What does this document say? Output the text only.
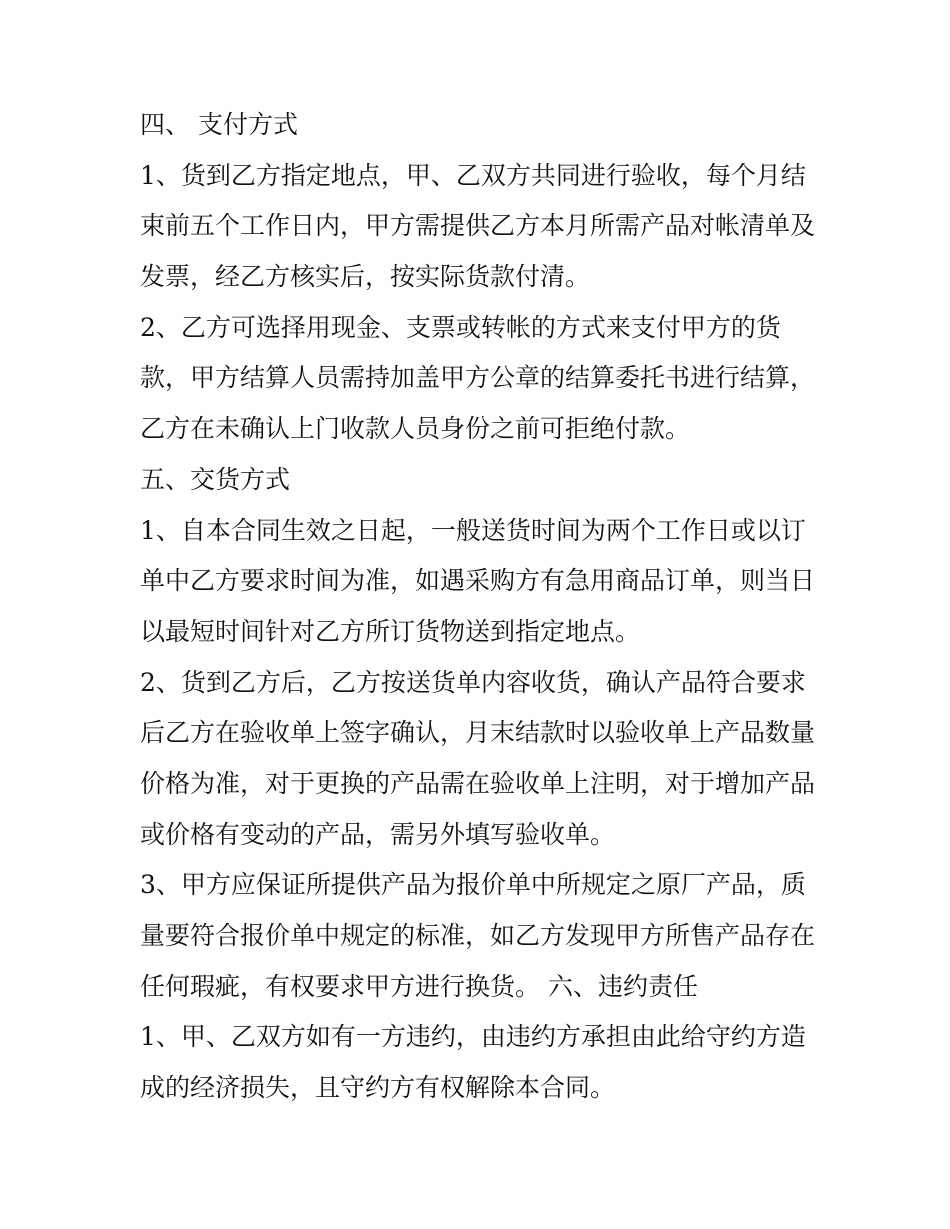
四、 支付方式
1、货到乙方指定地点，甲、乙双方共同进行验收，每个月结
束前五个工作日内，甲方需提供乙方本月所需产品对帐清单及
发票，经乙方核实后，按实际货款付清。
2、乙方可选择用现金、支票或转帐的方式来支付甲方的货
款，甲方结算人员需持加盖甲方公章的结算委托书进行结算，
乙方在未确认上门收款人员身份之前可拒绝付款。
五、交货方式
1、自本合同生效之日起，一般送货时间为两个工作日或以订
单中乙方要求时间为准，如遇采购方有急用商品订单，则当日
以最短时间针对乙方所订货物送到指定地点。
2、货到乙方后，乙方按送货单内容收货，确认产品符合要求
后乙方在验收单上签字确认，月末结款时以验收单上产品数量
价格为准，对于更换的产品需在验收单上注明，对于增加产品
或价格有变动的产品，需另外填写验收单。
3、甲方应保证所提供产品为报价单中所规定之原厂产品，质
量要符合报价单中规定的标准，如乙方发现甲方所售产品存在
任何瑕疵，有权要求甲方进行换货。 六、违约责任
1、甲、乙双方如有一方违约，由违约方承担由此给守约方造
成的经济损失，且守约方有权解除本合同。
